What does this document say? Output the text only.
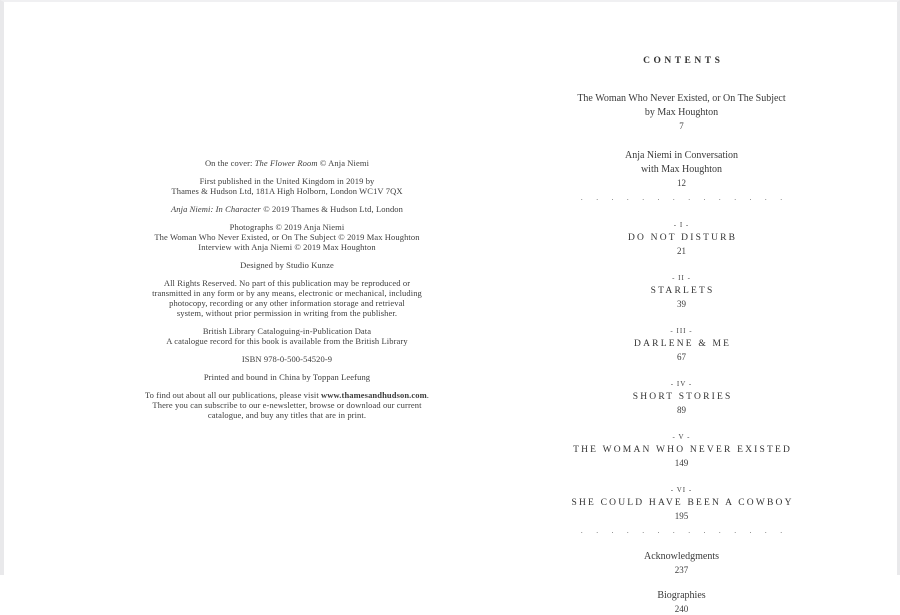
On the cover: The Flower Room © Anja Niemi

First published in the United Kingdom in 2019 by
Thames & Hudson Ltd, 181A High Holborn, London WC1V 7QX

Anja Niemi: In Character © 2019 Thames & Hudson Ltd, London

Photographs © 2019 Anja Niemi
The Woman Who Never Existed, or On The Subject © 2019 Max Houghton
Interview with Anja Niemi © 2019 Max Houghton

Designed by Studio Kunze

All Rights Reserved. No part of this publication may be reproduced or
transmitted in any form or by any means, electronic or mechanical, including
photocopy, recording or any other information storage and retrieval
system, without prior permission in writing from the publisher.

British Library Cataloguing-in-Publication Data
A catalogue record for this book is available from the British Library

ISBN 978-0-500-54520-9

Printed and bound in China by Toppan Leefung

To find out about all our publications, please visit www.thamesandhudson.com.
There you can subscribe to our e-newsletter, browse or download our current
catalogue, and buy any titles that are in print.

CONTENTS
The Woman Who Never Existed, or On The Subject
by Max Houghton
7
Anja Niemi in Conversation
with Max Houghton
12
··············
- I -
DO NOT DISTURB
21
- II -
STARLETS
39
- III -
DARLENE & ME
67
- IV -
SHORT STORIES
89
- V -
THE WOMAN WHO NEVER EXISTED
149
- VI -
SHE COULD HAVE BEEN A COWBOY
195
··············
Acknowledgments
237
Biographies
240
